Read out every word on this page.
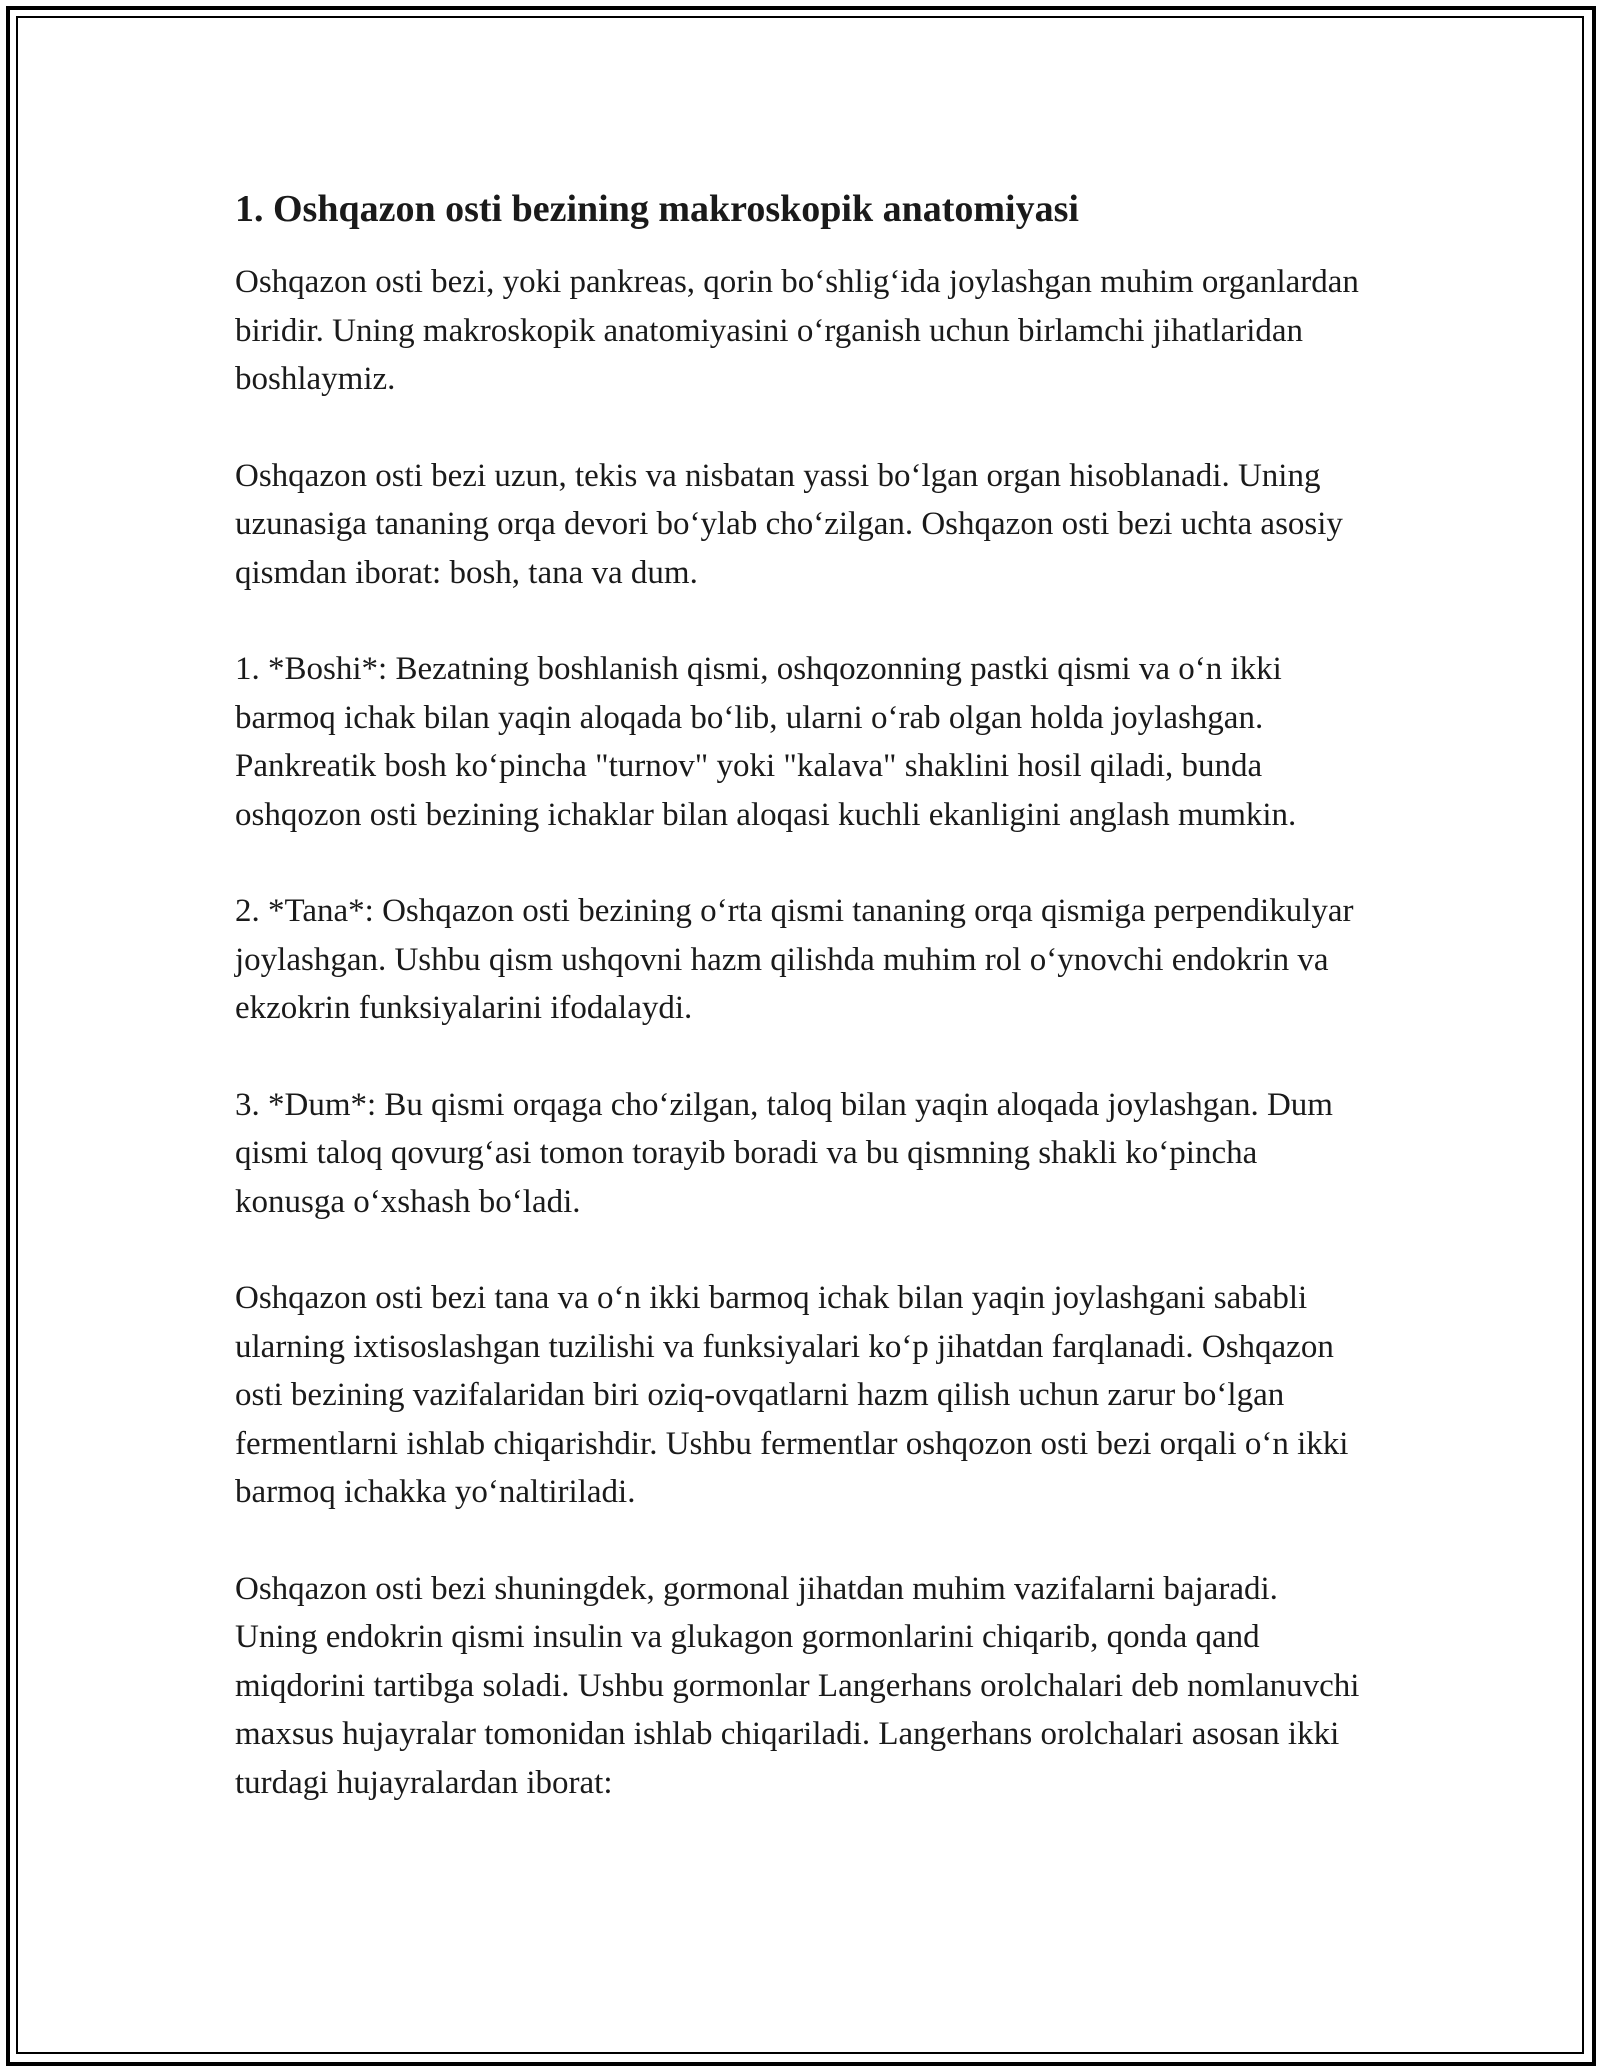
1. Oshqazon osti bezining makroskopik anatomiyasi

Oshqazon osti bezi, yoki pankreas, qorin bo‘shlig‘ida joylashgan muhim organlardan biridir. Uning makroskopik anatomiyasini o‘rganish uchun birlamchi jihatlaridan boshlaymiz.

Oshqazon osti bezi uzun, tekis va nisbatan yassi bo‘lgan organ hisoblanadi. Uning uzunasiga tananing orqa devori bo‘ylab cho‘zilgan. Oshqazon osti bezi uchta asosiy qismdan iborat: bosh, tana va dum.

1. *Boshi*: Bezatning boshlanish qismi, oshqozonning pastki qismi va o‘n ikki barmoq ichak bilan yaqin aloqada bo‘lib, ularni o‘rab olgan holda joylashgan. Pankreatik bosh ko‘pincha "turnov" yoki "kalava" shaklini hosil qiladi, bunda oshqozon osti bezining ichaklar bilan aloqasi kuchli ekanligini anglash mumkin.

2. *Tana*: Oshqazon osti bezining o‘rta qismi tananing orqa qismiga perpendikulyar joylashgan. Ushbu qism ushqovni hazm qilishda muhim rol o‘ynovchi endokrin va ekzokrin funksiyalarini ifodalaydi.

3. *Dum*: Bu qismi orqaga cho‘zilgan, taloq bilan yaqin aloqada joylashgan. Dum qismi taloq qovurg‘asi tomon torayib boradi va bu qismning shakli ko‘pincha konusga o‘xshash bo‘ladi.

Oshqazon osti bezi tana va o‘n ikki barmoq ichak bilan yaqin joylashgani sababli ularning ixtisoslashgan tuzilishi va funksiyalari ko‘p jihatdan farqlanadi. Oshqazon osti bezining vazifalaridan biri oziq-ovqatlarni hazm qilish uchun zarur bo‘lgan fermentlarni ishlab chiqarishdir. Ushbu fermentlar oshqozon osti bezi orqali o‘n ikki barmoq ichakka yo‘naltiriladi.

Oshqazon osti bezi shuningdek, gormonal jihatdan muhim vazifalarni bajaradi. Uning endokrin qismi insulin va glukagon gormonlarini chiqarib, qonda qand miqdorini tartibga soladi. Ushbu gormonlar Langerhans orolchalari deb nomlanuvchi maxsus hujayralar tomonidan ishlab chiqariladi. Langerhans orolchalari asosan ikki turdagi hujayralardan iborat:
